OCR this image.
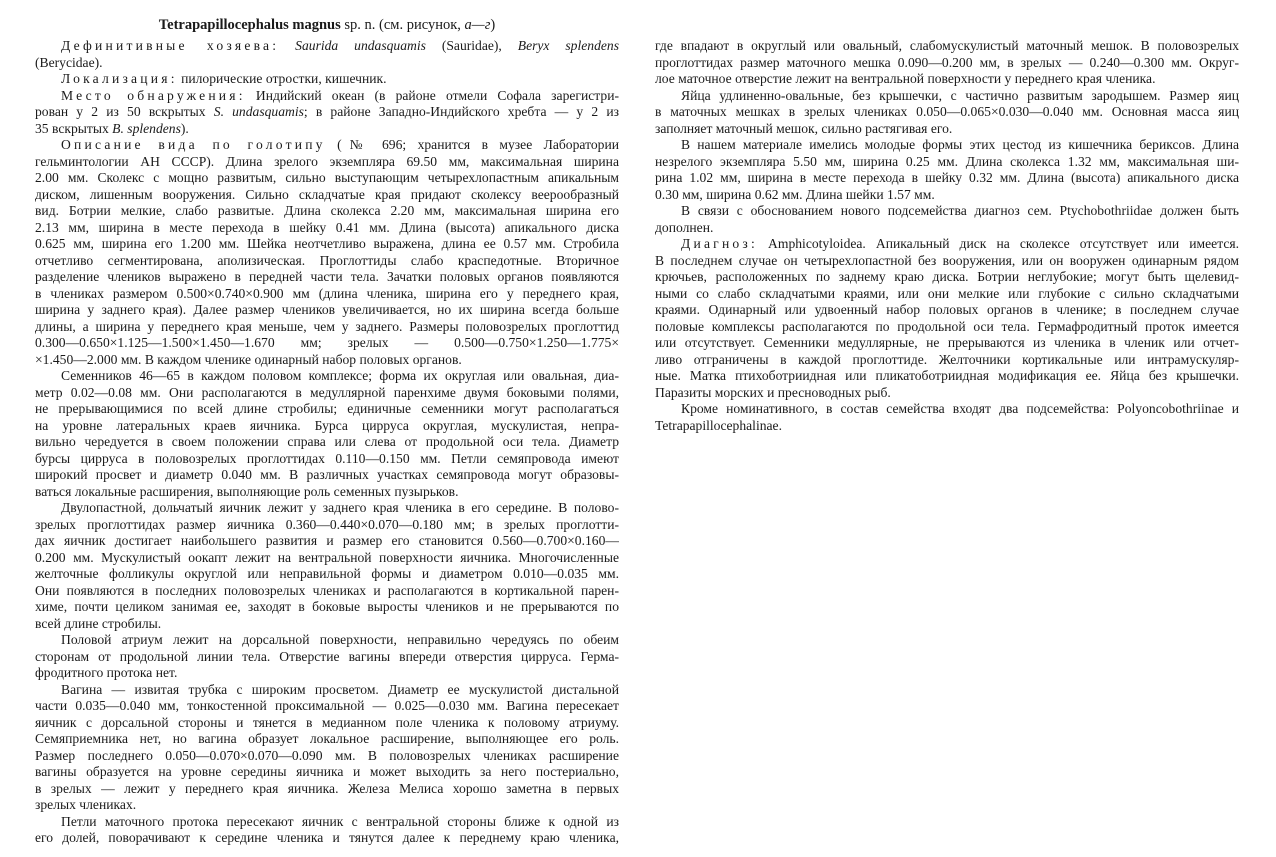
Tetrapapillocephalus magnus sp. n. (см. рисунок, а—г)
Дефинитивные хозяева: Saurida undasquamis (Sauridae), Beryx splendens
(Berycidae).
Локализация: пилорические отростки, кишечник.
Место обнаружения: Индийский океан (в районе отмели Софала зарегистри-
рован у 2 из 50 вскрытых S. undasquamis; в районе Западно-Индийского хребта — у 2 из
35 вскрытых B. splendens).
Описание вида по голотипу (№ 696; хранится в музее Лаборатории
гельминтологии АН СССР). Длина зрелого экземпляра 69.50 мм, максимальная ширина
2.00 мм. Сколекс с мощно развитым, сильно выступающим четырехлопастным апикальным
диском, лишенным вооружения. Сильно складчатые края придают сколексу веерообразный
вид. Ботрии мелкие, слабо развитые. Длина сколекса 2.20 мм, максимальная ширина его
2.13 мм, ширина в месте перехода в шейку 0.41 мм. Длина (высота) апикального диска
0.625 мм, ширина его 1.200 мм. Шейка неотчетливо выражена, длина ее 0.57 мм. Стробила
отчетливо сегментирована, аполизическая. Проглоттиды слабо краспедотные. Вторичное
разделение члеников выражено в передней части тела. Зачатки половых органов появляются
в члениках размером 0.500×0.740×0.900 мм (длина членика, ширина его у переднего края,
ширина у заднего края). Далее размер члеников увеличивается, но их ширина всегда больше
длины, а ширина у переднего края меньше, чем у заднего. Размеры половозрелых проглоттид
0.300—0.650×1.125—1.500×1.450—1.670 мм; зрелых — 0.500—0.750×1.250—1.775×
×1.450—2.000 мм. В каждом членике одинарный набор половых органов.
Семенников 46—65 в каждом половом комплексе; форма их округлая или овальная, диа-
метр 0.02—0.08 мм. Они располагаются в медуллярной паренхиме двумя боковыми полями,
не прерывающимися по всей длине стробилы; единичные семенники могут располагаться
на уровне латеральных краев яичника. Бурса цирруса округлая, мускулистая, непра-
вильно чередуется в своем положении справа или слева от продольной оси тела. Диаметр
бурсы цирруса в половозрелых проглоттидах 0.110—0.150 мм. Петли семяпровода имеют
широкий просвет и диаметр 0.040 мм. В различных участках семяпровода могут образовы-
ваться локальные расширения, выполняющие роль семенных пузырьков.
Двулопастной, дольчатый яичник лежит у заднего края членика в его середине. В полово-
зрелых проглоттидах размер яичника 0.360—0.440×0.070—0.180 мм; в зрелых проглотти-
дах яичник достигает наибольшего развития и размер его становится 0.560—0.700×0.160—
0.200 мм. Мускулистый оокапт лежит на вентральной поверхности яичника. Многочисленные
желточные фолликулы округлой или неправильной формы и диаметром 0.010—0.035 мм.
Они появляются в последних половозрелых члениках и располагаются в кортикальной парен-
химе, почти целиком занимая ее, заходят в боковые выросты члеников и не прерываются по
всей длине стробилы.
Половой атриум лежит на дорсальной поверхности, неправильно чередуясь по обеим
сторонам от продольной линии тела. Отверстие вагины впереди отверстия цирруса. Герма-
фродитного протока нет.
Вагина — извитая трубка с широким просветом. Диаметр ее мускулистой дистальной
части 0.035—0.040 мм, тонкостенной проксимальной — 0.025—0.030 мм. Вагина пересекает
яичник с дорсальной стороны и тянется в медианном поле членика к половому атриуму.
Семяприемника нет, но вагина образует локальное расширение, выполняющее его роль.
Размер последнего 0.050—0.070×0.070—0.090 мм. В половозрелых члениках расширение
вагины образуется на уровне середины яичника и может выходить за него постериально,
в зрелых — лежит у переднего края яичника. Железа Мелиса хорошо заметна в первых
зрелых члениках.
Петли маточного протока пересекают яичник с вентральной стороны ближе к одной из
его долей, поворачивают к середине членика и тянутся далее к переднему краю членика,
где впадают в округлый или овальный, слабомускулистый маточный мешок. В половозрелых
проглоттидах размер маточного мешка 0.090—0.200 мм, в зрелых — 0.240—0.300 мм. Округ-
лое маточное отверстие лежит на вентральной поверхности у переднего края членика.
Яйца удлиненно-овальные, без крышечки, с частично развитым зародышем. Размер яиц
в маточных мешках в зрелых члениках 0.050—0.065×0.030—0.040 мм. Основная масса яиц
заполняет маточный мешок, сильно растягивая его.
В нашем материале имелись молодые формы этих цестод из кишечника бериксов. Длина
незрелого экземпляра 5.50 мм, ширина 0.25 мм. Длина сколекса 1.32 мм, максимальная ши-
рина 1.02 мм, ширина в месте перехода в шейку 0.32 мм. Длина (высота) апикального диска
0.30 мм, ширина 0.62 мм. Длина шейки 1.57 мм.
В связи с обоснованием нового подсемейства диагноз сем. Ptychobothriidae должен быть
дополнен.
Диагноз: Amphicotyloidea. Апикальный диск на сколексе отсутствует или имеется.
В последнем случае он четырехлопастной без вооружения, или он вооружен одинарным рядом
крючьев, расположенных по заднему краю диска. Ботрии неглубокие; могут быть щелевид-
ными со слабо складчатыми краями, или они мелкие или глубокие с сильно складчатыми
краями. Одинарный или удвоенный набор половых органов в членике; в последнем случае
половые комплексы располагаются по продольной оси тела. Гермафродитный проток имеется
или отсутствует. Семенники медуллярные, не прерываются из членика в членик или отчет-
ливо отграничены в каждой проглоттиде. Желточники кортикальные или интрамускуляр-
ные. Матка птихоботриидная или пликатоботриидная модификация ее. Яйца без крышечки.
Паразиты морских и пресноводных рыб.
Кроме номинативного, в состав семейства входят два подсемейства: Polyoncobothriinae и
Tetrapapillocephalinae.
